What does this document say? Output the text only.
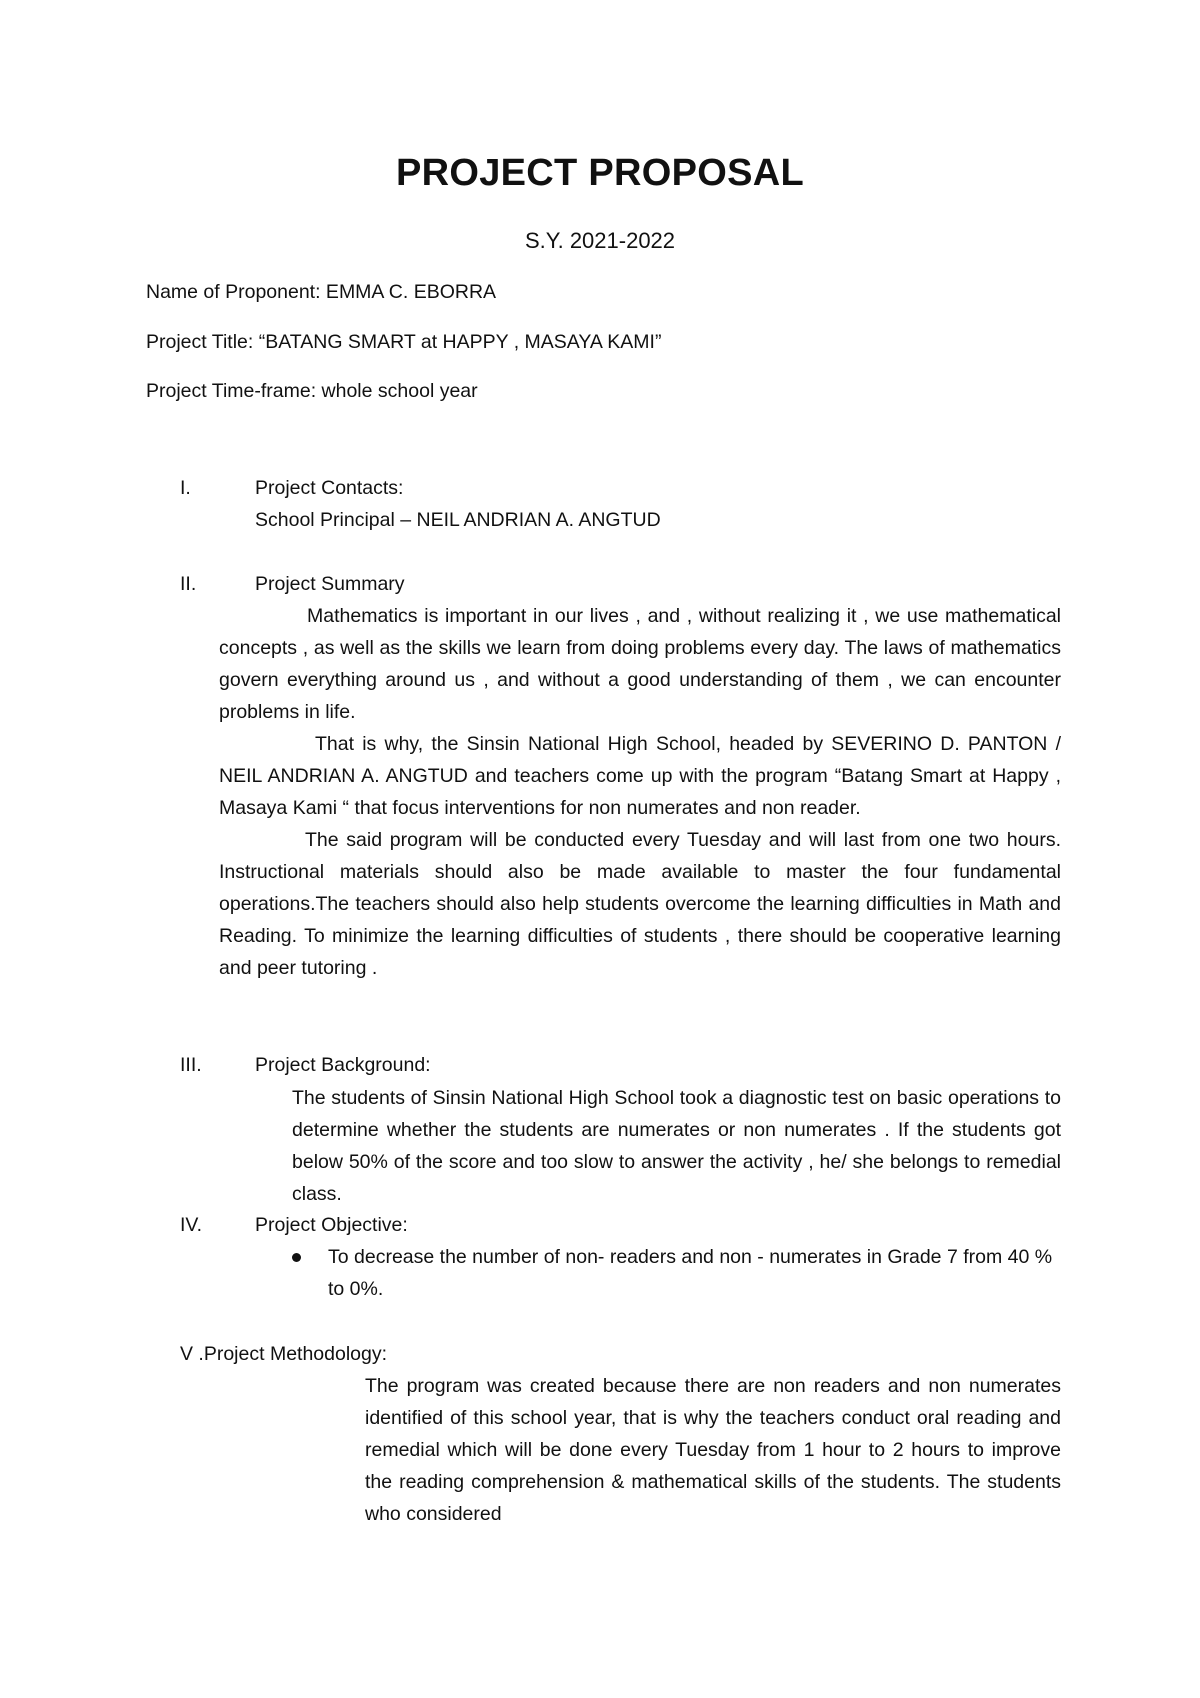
PROJECT PROPOSAL
S.Y. 2021-2022
Name of Proponent: EMMA C. EBORRA
Project Title: “BATANG SMART at HAPPY , MASAYA KAMI”
Project Time-frame: whole school year
I.	Project Contacts:
School Principal – NEIL ANDRIAN A. ANGTUD
II.	Project Summary

Mathematics is important in our lives , and , without realizing it , we use mathematical concepts , as well as the skills we learn from doing problems every day. The laws of mathematics govern everything around us , and without a good understanding of them , we can encounter problems in life.

That is why, the Sinsin National High School, headed by SEVERINO D. PANTON / NEIL ANDRIAN A. ANGTUD and teachers come up with the program “Batang Smart at Happy , Masaya Kami “ that focus interventions for non numerates and non reader.

The said program will be conducted every Tuesday and will last from one two hours. Instructional materials should also be made available to master the four fundamental operations.The teachers should also help students overcome the learning difficulties in Math and Reading. To minimize the learning difficulties of students , there should be cooperative learning and peer tutoring .

III.	Project Background:

The students of Sinsin National High School took a diagnostic test on basic operations to determine whether the students are numerates or non numerates . If the students got below 50% of the score and too slow to answer the activity , he/ she belongs to remedial class.

IV.	Project Objective:
To decrease the number of non- readers and non - numerates in Grade 7 from 40 % to 0%.
V .Project Methodology:

The program was created because there are non readers and non numerates identified of this school year, that is why the teachers conduct oral reading and remedial which will be done every Tuesday from 1 hour to 2 hours to improve the reading comprehension & mathematical skills of the students. The students who considered
